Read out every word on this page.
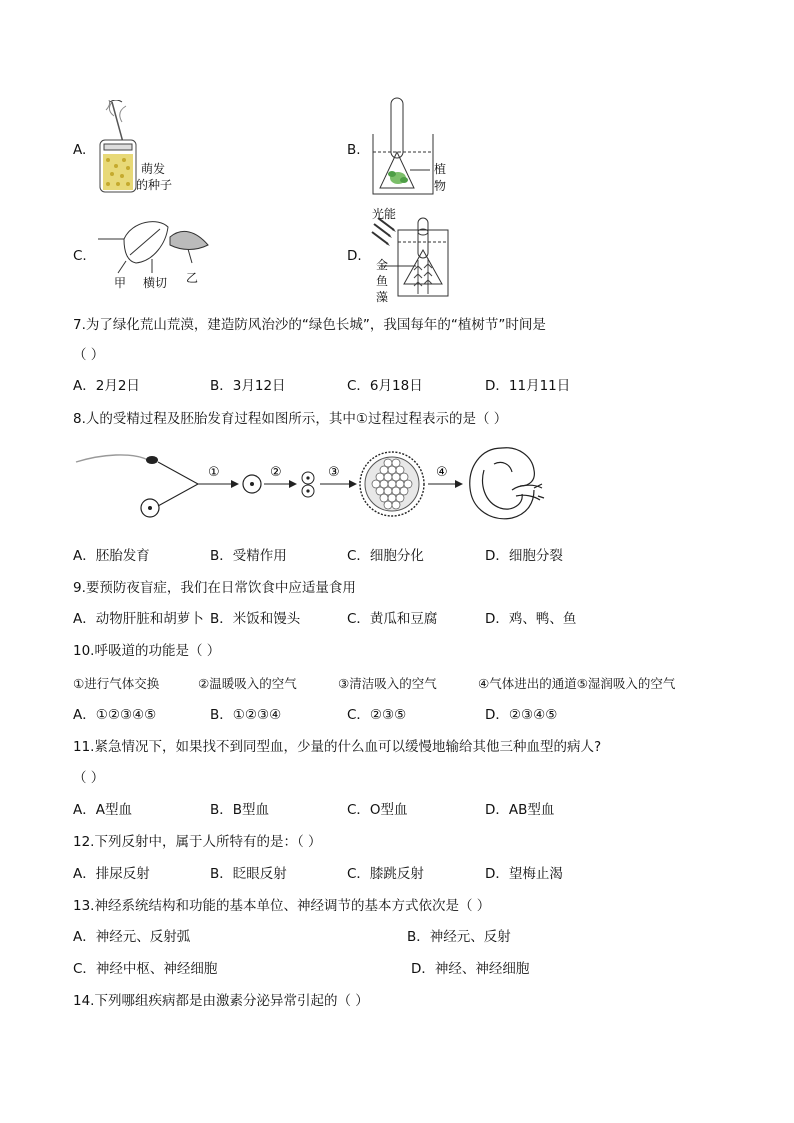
A.
萌发
的种子
B.
植
物
C.
甲 横切 乙
D.
光能
金
鱼
藻
7.为了绿化荒山荒漠，建造防风治沙的“绿色长城”，我国每年的“植树节”时间是
（ ）
A．2月2日	B．3月12日	C．6月18日	D．11月11日
8.人的受精过程及胚胎发育过程如图所示，其中①过程过程表示的是（ ）
①	②	③	④
A．胚胎发育	B．受精作用	C．细胞分化	D．细胞分裂
9.要预防夜盲症，我们在日常饮食中应适量食用
A．动物肝脏和胡萝卜 B．米饭和馒头	C．黄瓜和豆腐	D．鸡、鸭、鱼
10.呼吸道的功能是（ ）
①进行气体交换	②温暖吸入的空气	③清洁吸入的空气	④气体进出的通道⑤湿润吸入的空气
A．①②③④⑤	B．①②③④	C．②③⑤	D．②③④⑤
11.紧急情况下，如果找不到同型血，少量的什么血可以缓慢地输给其他三种血型的病人?
（ ）
A．A型血	B．B型血	C．O型血	D．AB型血
12.下列反射中，属于人所特有的是：（ ）
A．排尿反射	B．眨眼反射	C．膝跳反射	D．望梅止渴
13.神经系统结构和功能的基本单位、神经调节的基本方式依次是（ ）
A．神经元、反射弧	B．神经元、反射
C．神经中枢、神经细胞	D．神经、神经细胞
14.下列哪组疾病都是由激素分泌异常引起的（ ）
